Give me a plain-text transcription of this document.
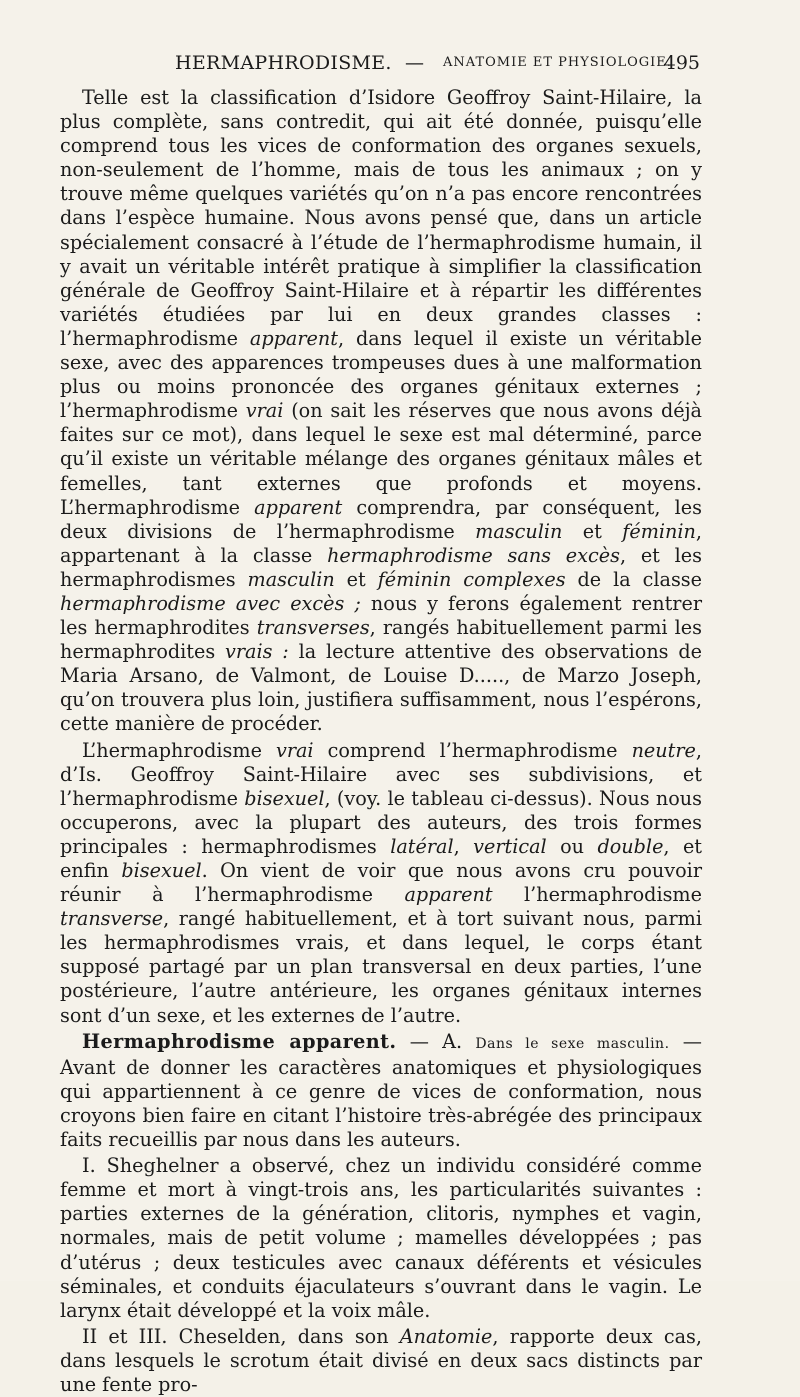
HERMAPHRODISME. — ANATOMIE ET PHYSIOLOGIE.
495

Telle est la classification d’Isidore Geoffroy Saint-Hilaire, la plus complète, sans contredit, qui ait été donnée, puisqu’elle comprend tous les vices de conformation des organes sexuels, non-seulement de l’homme, mais de tous les animaux ; on y trouve même quelques variétés qu’on n’a pas encore rencontrées dans l’espèce humaine. Nous avons pensé que, dans un article spécialement consacré à l’étude de l’hermaphrodisme humain, il y avait un véritable intérêt pratique à simplifier la classification générale de Geoffroy Saint-Hilaire et à répartir les différentes variétés étudiées par lui en deux grandes classes : l’hermaphrodisme apparent, dans lequel il existe un véritable sexe, avec des apparences trompeuses dues à une malformation plus ou moins prononcée des organes génitaux externes ; l’hermaphrodisme vrai (on sait les réserves que nous avons déjà faites sur ce mot), dans lequel le sexe est mal déterminé, parce qu’il existe un véritable mélange des organes génitaux mâles et femelles, tant externes que profonds et moyens. L’hermaphrodisme apparent comprendra, par conséquent, les deux divisions de l’hermaphrodisme masculin et féminin, appartenant à la classe hermaphrodisme sans excès, et les hermaphrodismes masculin et féminin complexes de la classe hermaphrodisme avec excès ; nous y ferons également rentrer les hermaphrodites transverses, rangés habituellement parmi les hermaphrodites vrais : la lecture attentive des observations de Maria Arsano, de Valmont, de Louise D....., de Marzo Joseph, qu’on trouvera plus loin, justifiera suffisamment, nous l’espérons, cette manière de procéder.

L’hermaphrodisme vrai comprend l’hermaphrodisme neutre, d’Is. Geoffroy Saint-Hilaire avec ses subdivisions, et l’hermaphrodisme bisexuel, (voy. le tableau ci-dessus). Nous nous occuperons, avec la plupart des auteurs, des trois formes principales : hermaphrodismes latéral, vertical ou double, et enfin bisexuel. On vient de voir que nous avons cru pouvoir réunir à l’hermaphrodisme apparent l’hermaphrodisme transverse, rangé habituellement, et à tort suivant nous, parmi les hermaphrodismes vrais, et dans lequel, le corps étant supposé partagé par un plan transversal en deux parties, l’une postérieure, l’autre antérieure, les organes génitaux internes sont d’un sexe, et les externes de l’autre.

Hermaphrodisme apparent. — A. Dans le sexe masculin. — Avant de donner les caractères anatomiques et physiologiques qui appartiennent à ce genre de vices de conformation, nous croyons bien faire en citant l’histoire très-abrégée des principaux faits recueillis par nous dans les auteurs.

I. Sheghelner a observé, chez un individu considéré comme femme et mort à vingt-trois ans, les particularités suivantes : parties externes de la génération, clitoris, nymphes et vagin, normales, mais de petit volume ; mamelles développées ; pas d’utérus ; deux testicules avec canaux déférents et vésicules séminales, et conduits éjaculateurs s’ouvrant dans le vagin. Le larynx était développé et la voix mâle.

II et III. Cheselden, dans son Anatomie, rapporte deux cas, dans lesquels le scrotum était divisé en deux sacs distincts par une fente pro-
